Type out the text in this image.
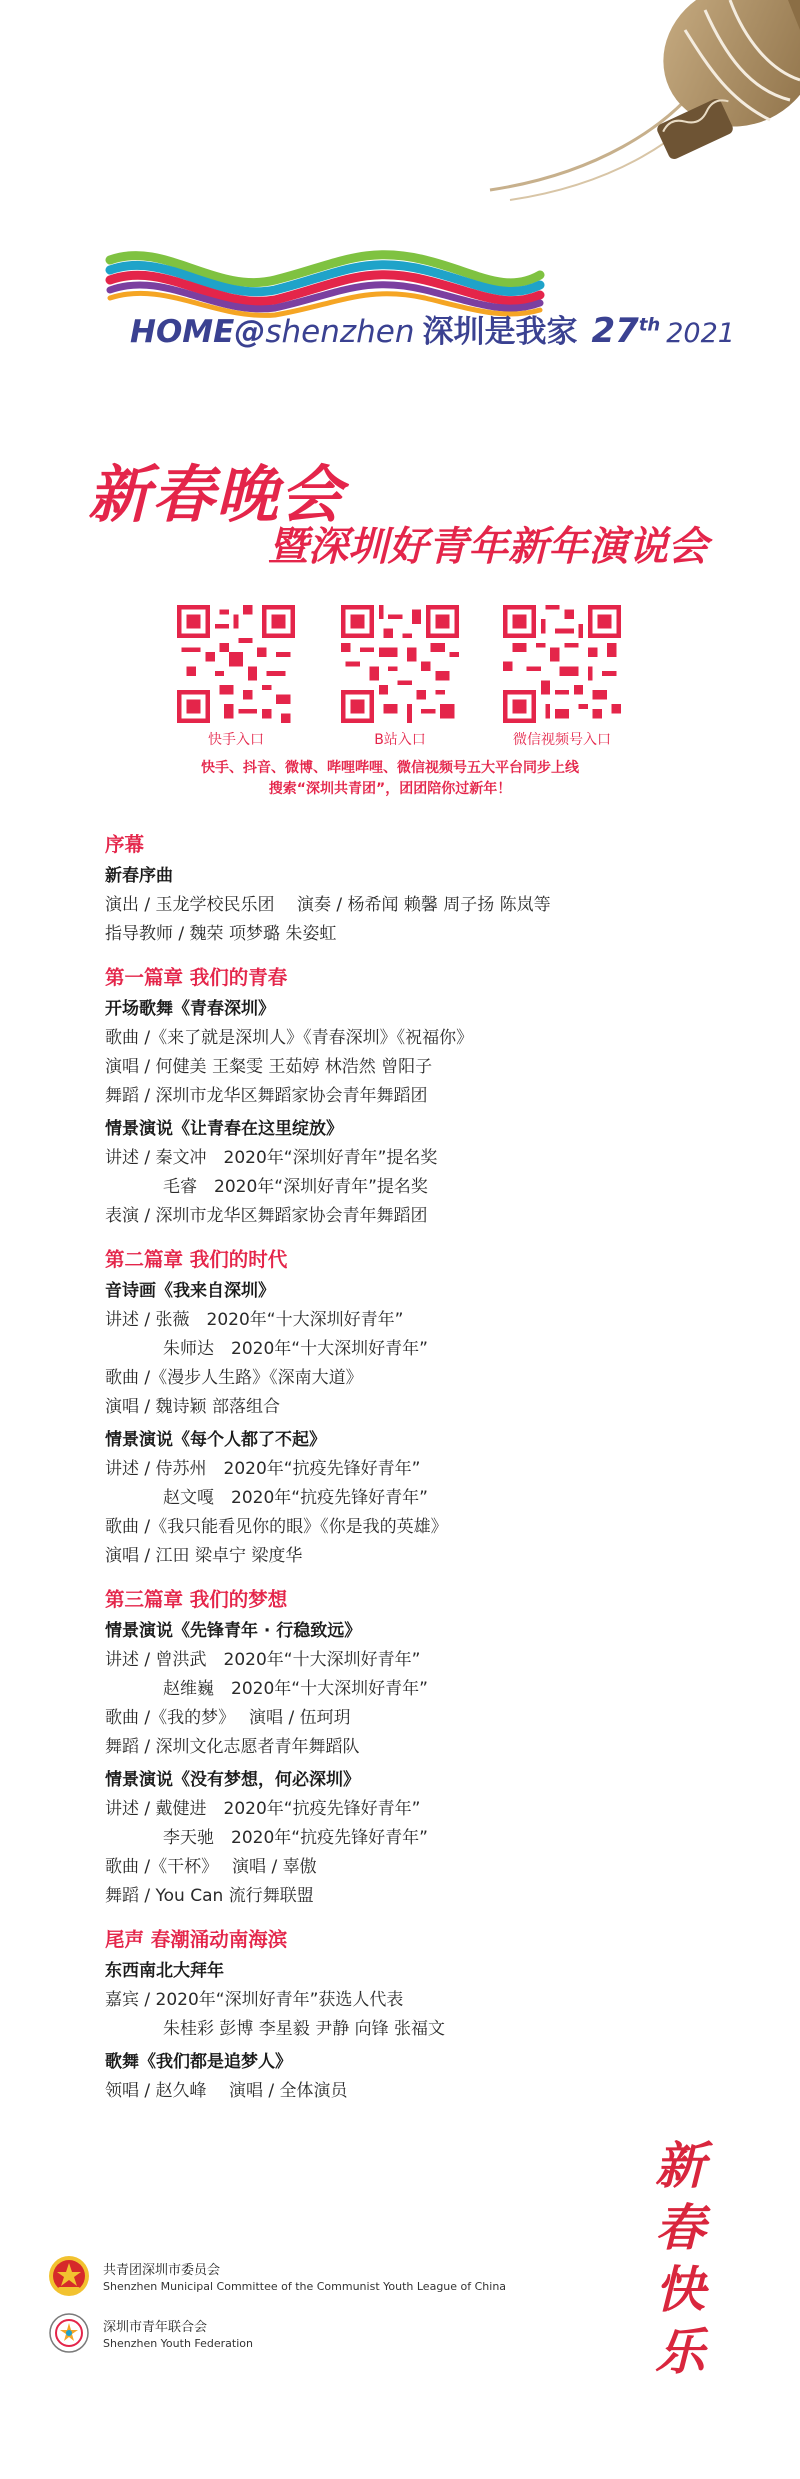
HOME@shenzhen 深圳是我家 27th 2021
新春晚会
暨深圳好青年新年演说会
快手入口	B站入口	微信视频号入口
快手、抖音、微博、哔哩哔哩、微信视频号五大平台同步上线
搜索“深圳共青团”，团团陪你过新年！
序幕
新春序曲
演出 / 玉龙学校民乐团　 演奏 / 杨希闻 赖馨 周子扬 陈岚等
指导教师 / 魏荣 项梦璐 朱姿虹
第一篇章 我们的青春
开场歌舞《青春深圳》
歌曲 /《来了就是深圳人》《青春深圳》《祝福你》
演唱 / 何健美 王粲雯 王茹婷 林浩然 曾阳子
舞蹈 / 深圳市龙华区舞蹈家协会青年舞蹈团
情景演说《让青春在这里绽放》
讲述 / 秦文冲　2020年“深圳好青年”提名奖
毛睿　2020年“深圳好青年”提名奖
表演 / 深圳市龙华区舞蹈家协会青年舞蹈团
第二篇章 我们的时代
音诗画《我来自深圳》
讲述 / 张薇　2020年“十大深圳好青年”
朱师达　2020年“十大深圳好青年”
歌曲 /《漫步人生路》《深南大道》
演唱 / 魏诗颖 部落组合
情景演说《每个人都了不起》
讲述 / 侍苏州　2020年“抗疫先锋好青年”
赵文嘎　2020年“抗疫先锋好青年”
歌曲 /《我只能看见你的眼》《你是我的英雄》
演唱 / 江田 梁卓宁 梁度华
第三篇章 我们的梦想
情景演说《先锋青年 · 行稳致远》
讲述 / 曾洪武　2020年“十大深圳好青年”
赵维巍　2020年“十大深圳好青年”
歌曲 /《我的梦》　 演唱 / 伍珂玥
舞蹈 / 深圳文化志愿者青年舞蹈队
情景演说《没有梦想，何必深圳》
讲述 / 戴健进　2020年“抗疫先锋好青年”
李天驰　2020年“抗疫先锋好青年”
歌曲 /《干杯》　 演唱 / 辜傲
舞蹈 / You Can 流行舞联盟
尾声 春潮涌动南海滨
东西南北大拜年
嘉宾 / 2020年“深圳好青年”获选人代表
朱桂彩 彭博 李星毅 尹静 向锋 张福文
歌舞《我们都是追梦人》
领唱 / 赵久峰　 演唱 / 全体演员
新
春
快
乐
共青团深圳市委员会
Shenzhen Municipal Committee of the Communist Youth League of China
深圳市青年联合会
Shenzhen Youth Federation
